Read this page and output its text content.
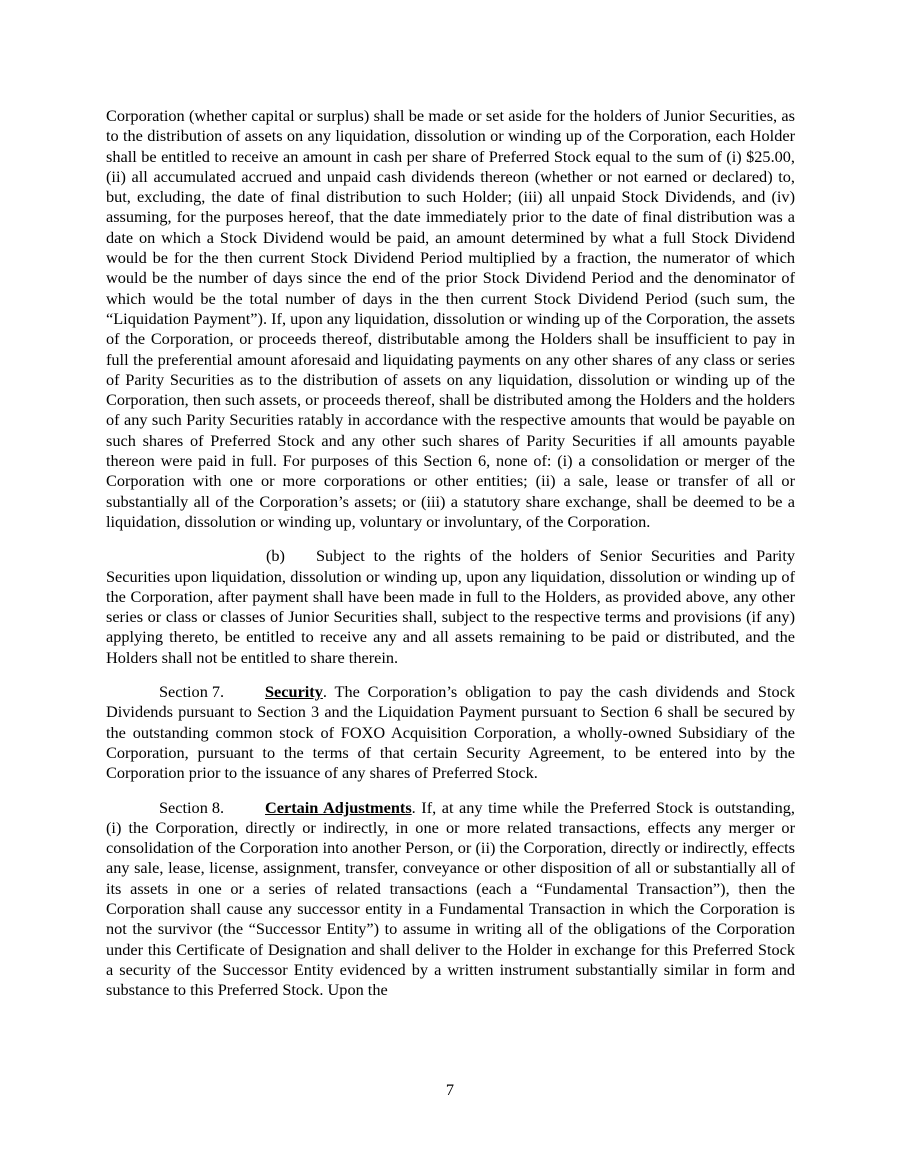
Corporation (whether capital or surplus) shall be made or set aside for the holders of Junior Securities, as to the distribution of assets on any liquidation, dissolution or winding up of the Corporation, each Holder shall be entitled to receive an amount in cash per share of Preferred Stock equal to the sum of (i) $25.00, (ii) all accumulated accrued and unpaid cash dividends thereon (whether or not earned or declared) to, but, excluding, the date of final distribution to such Holder; (iii) all unpaid Stock Dividends, and (iv) assuming, for the purposes hereof, that the date immediately prior to the date of final distribution was a date on which a Stock Dividend would be paid, an amount determined by what a full Stock Dividend would be for the then current Stock Dividend Period multiplied by a fraction, the numerator of which would be the number of days since the end of the prior Stock Dividend Period and the denominator of which would be the total number of days in the then current Stock Dividend Period (such sum, the “Liquidation Payment”). If, upon any liquidation, dissolution or winding up of the Corporation, the assets of the Corporation, or proceeds thereof, distributable among the Holders shall be insufficient to pay in full the preferential amount aforesaid and liquidating payments on any other shares of any class or series of Parity Securities as to the distribution of assets on any liquidation, dissolution or winding up of the Corporation, then such assets, or proceeds thereof, shall be distributed among the Holders and the holders of any such Parity Securities ratably in accordance with the respective amounts that would be payable on such shares of Preferred Stock and any other such shares of Parity Securities if all amounts payable thereon were paid in full. For purposes of this Section 6, none of: (i) a consolidation or merger of the Corporation with one or more corporations or other entities; (ii) a sale, lease or transfer of all or substantially all of the Corporation’s assets; or (iii) a statutory share exchange, shall be deemed to be a liquidation, dissolution or winding up, voluntary or involuntary, of the Corporation.

(b) Subject to the rights of the holders of Senior Securities and Parity Securities upon liquidation, dissolution or winding up, upon any liquidation, dissolution or winding up of the Corporation, after payment shall have been made in full to the Holders, as provided above, any other series or class or classes of Junior Securities shall, subject to the respective terms and provisions (if any) applying thereto, be entitled to receive any and all assets remaining to be paid or distributed, and the Holders shall not be entitled to share therein.

Section 7.	Security. The Corporation’s obligation to pay the cash dividends and Stock Dividends pursuant to Section 3 and the Liquidation Payment pursuant to Section 6 shall be secured by the outstanding common stock of FOXO Acquisition Corporation, a wholly-owned Subsidiary of the Corporation, pursuant to the terms of that certain Security Agreement, to be entered into by the Corporation prior to the issuance of any shares of Preferred Stock.

Section 8.	Certain Adjustments. If, at any time while the Preferred Stock is outstanding, (i) the Corporation, directly or indirectly, in one or more related transactions, effects any merger or consolidation of the Corporation into another Person, or (ii) the Corporation, directly or indirectly, effects any sale, lease, license, assignment, transfer, conveyance or other disposition of all or substantially all of its assets in one or a series of related transactions (each a “Fundamental Transaction”), then the Corporation shall cause any successor entity in a Fundamental Transaction in which the Corporation is not the survivor (the “Successor Entity”) to assume in writing all of the obligations of the Corporation under this Certificate of Designation and shall deliver to the Holder in exchange for this Preferred Stock a security of the Successor Entity evidenced by a written instrument substantially similar in form and substance to this Preferred Stock. Upon the

7
